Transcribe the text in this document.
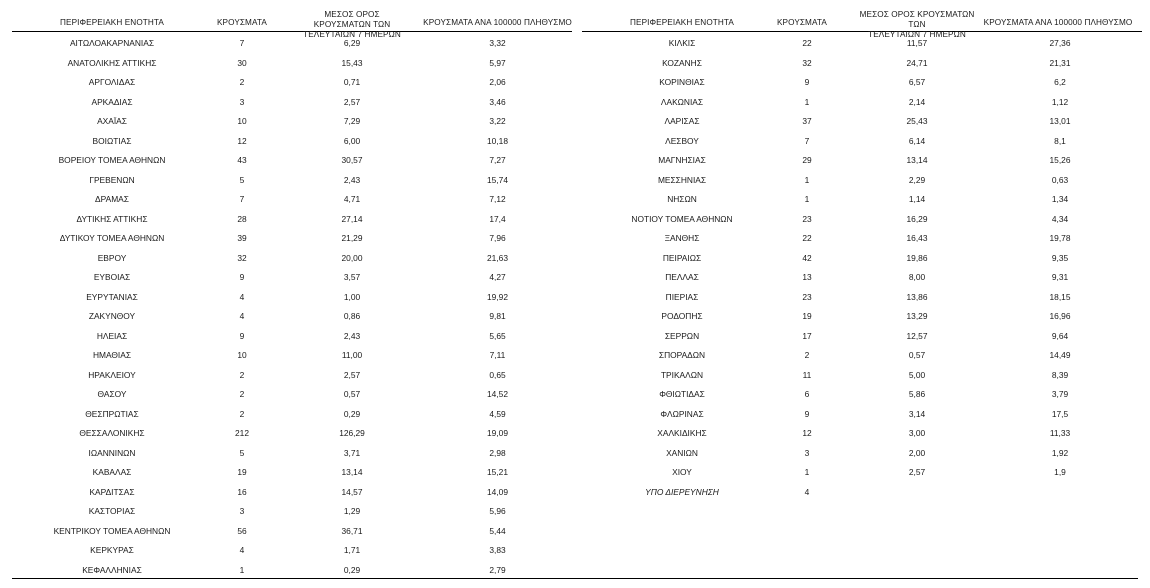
ΠΕΡΙΦΕΡΕΙΑΚΗ ΕΝΟΤΗΤΑ	ΚΡΟΥΣΜΑΤΑ
ΜΕΣΟΣ ΟΡΟΣ ΚΡΟΥΣΜΑΤΩΝ ΤΩΝ
ΤΕΛΕΥΤΑΙΩΝ 7 ΗΜΕΡΩΝ
ΚΡΟΥΣΜΑΤΑ ΑΝΑ 100000 ΠΛΗΘΥΣΜΟ
ΑΙΤΩΛΟΑΚΑΡΝΑΝΙΑΣ	7	6,29	3,32
ΑΝΑΤΟΛΙΚΗΣ ΑΤΤΙΚΗΣ	30	15,43	5,97
ΑΡΓΟΛΙΔΑΣ	2	0,71	2,06
ΑΡΚΑΔΙΑΣ	3	2,57	3,46
ΑΧΑΪΑΣ	10	7,29	3,22
ΒΟΙΩΤΙΑΣ	12	6,00	10,18
ΒΟΡΕΙΟΥ ΤΟΜΕΑ ΑΘΗΝΩΝ	43	30,57	7,27
ΓΡΕΒΕΝΩΝ	5	2,43	15,74
ΔΡΑΜΑΣ	7	4,71	7,12
ΔΥΤΙΚΗΣ ΑΤΤΙΚΗΣ	28	27,14	17,4
ΔΥΤΙΚΟΥ ΤΟΜΕΑ ΑΘΗΝΩΝ	39	21,29	7,96
ΕΒΡΟΥ	32	20,00	21,63
ΕΥΒΟΙΑΣ	9	3,57	4,27
ΕΥΡΥΤΑΝΙΑΣ	4	1,00	19,92
ΖΑΚΥΝΘΟΥ	4	0,86	9,81
ΗΛΕΙΑΣ	9	2,43	5,65
ΗΜΑΘΙΑΣ	10	11,00	7,11
ΗΡΑΚΛΕΙΟΥ	2	2,57	0,65
ΘΑΣΟΥ	2	0,57	14,52
ΘΕΣΠΡΩΤΙΑΣ	2	0,29	4,59
ΘΕΣΣΑΛΟΝΙΚΗΣ	212	126,29	19,09
ΙΩΑΝΝΙΝΩΝ	5	3,71	2,98
ΚΑΒΑΛΑΣ	19	13,14	15,21
ΚΑΡΔΙΤΣΑΣ	16	14,57	14,09
ΚΑΣΤΟΡΙΑΣ	3	1,29	5,96
ΚΕΝΤΡΙΚΟΥ ΤΟΜΕΑ ΑΘΗΝΩΝ	56	36,71	5,44
ΚΕΡΚΥΡΑΣ	4	1,71	3,83
ΚΕΦΑΛΛΗΝΙΑΣ	1	0,29	2,79
ΠΕΡΙΦΕΡΕΙΑΚΗ ΕΝΟΤΗΤΑ	ΚΡΟΥΣΜΑΤΑ
ΜΕΣΟΣ ΟΡΟΣ ΚΡΟΥΣΜΑΤΩΝ ΤΩΝ
ΤΕΛΕΥΤΑΙΩΝ 7 ΗΜΕΡΩΝ
ΚΡΟΥΣΜΑΤΑ ΑΝΑ 100000 ΠΛΗΘΥΣΜΟ
ΚΙΛΚΙΣ	22	11,57	27,36
ΚΟΖΑΝΗΣ	32	24,71	21,31
ΚΟΡΙΝΘΙΑΣ	9	6,57	6,2
ΛΑΚΩΝΙΑΣ	1	2,14	1,12
ΛΑΡΙΣΑΣ	37	25,43	13,01
ΛΕΣΒΟΥ	7	6,14	8,1
ΜΑΓΝΗΣΙΑΣ	29	13,14	15,26
ΜΕΣΣΗΝΙΑΣ	1	2,29	0,63
ΝΗΣΩΝ	1	1,14	1,34
ΝΟΤΙΟΥ ΤΟΜΕΑ ΑΘΗΝΩΝ	23	16,29	4,34
ΞΑΝΘΗΣ	22	16,43	19,78
ΠΕΙΡΑΙΩΣ	42	19,86	9,35
ΠΕΛΛΑΣ	13	8,00	9,31
ΠΙΕΡΙΑΣ	23	13,86	18,15
ΡΟΔΟΠΗΣ	19	13,29	16,96
ΣΕΡΡΩΝ	17	12,57	9,64
ΣΠΟΡΑΔΩΝ	2	0,57	14,49
ΤΡΙΚΑΛΩΝ	11	5,00	8,39
ΦΘΙΩΤΙΔΑΣ	6	5,86	3,79
ΦΛΩΡΙΝΑΣ	9	3,14	17,5
ΧΑΛΚΙΔΙΚΗΣ	12	3,00	11,33
ΧΑΝΙΩΝ	3	2,00	1,92
ΧΙΟΥ	1	2,57	1,9
ΥΠΟ ΔΙΕΡΕΥΝΗΣΗ	4
